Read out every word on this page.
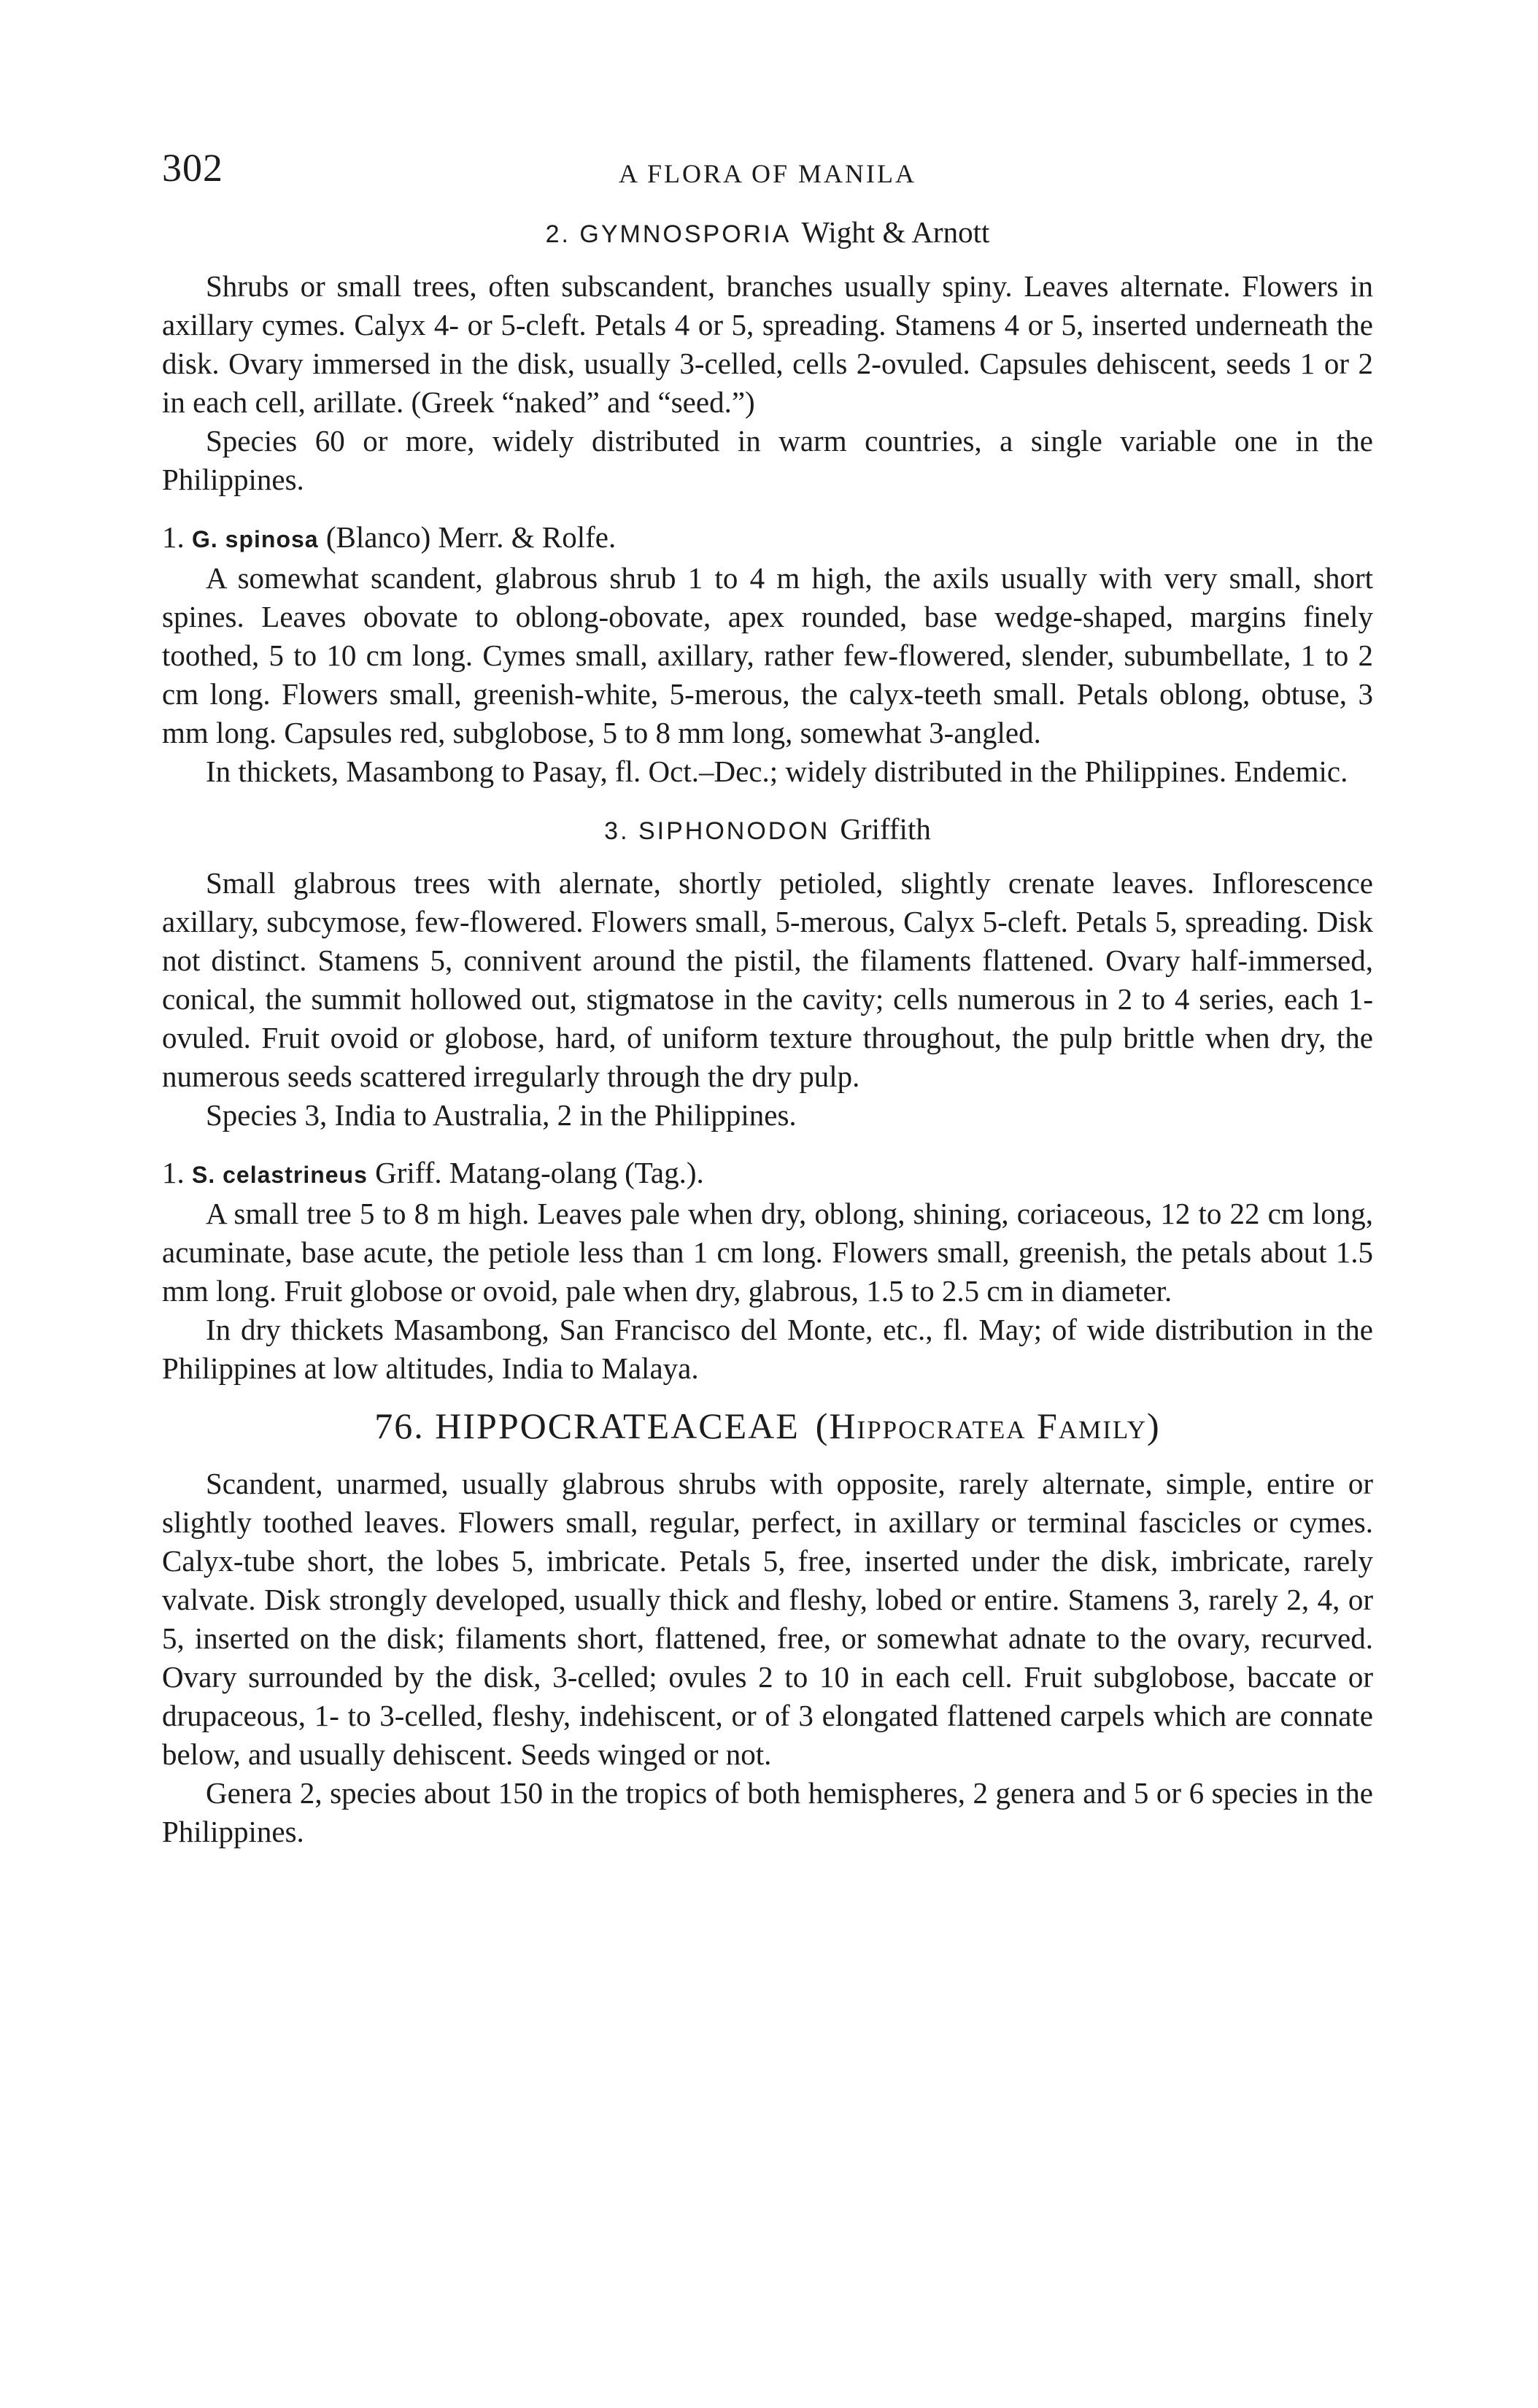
302	A FLORA OF MANILA
2. GYMNOSPORIA Wight & Arnott

Shrubs or small trees, often subscandent, branches usually spiny. Leaves alternate. Flowers in axillary cymes. Calyx 4- or 5-cleft. Petals 4 or 5, spreading. Stamens 4 or 5, inserted underneath the disk. Ovary immersed in the disk, usually 3-celled, cells 2-ovuled. Capsules dehiscent, seeds 1 or 2 in each cell, arillate. (Greek “naked” and “seed.”)

Species 60 or more, widely distributed in warm countries, a single variable one in the Philippines.

1. G. spinosa (Blanco) Merr. & Rolfe.

A somewhat scandent, glabrous shrub 1 to 4 m high, the axils usually with very small, short spines. Leaves obovate to oblong-obovate, apex rounded, base wedge-shaped, margins finely toothed, 5 to 10 cm long. Cymes small, axillary, rather few-flowered, slender, subumbellate, 1 to 2 cm long. Flowers small, greenish-white, 5-merous, the calyx-teeth small. Petals oblong, obtuse, 3 mm long. Capsules red, subglobose, 5 to 8 mm long, somewhat 3-angled.

In thickets, Masambong to Pasay, fl. Oct.–Dec.; widely distributed in the Philippines. Endemic.

3. SIPHONODON Griffith

Small glabrous trees with alernate, shortly petioled, slightly crenate leaves. Inflorescence axillary, subcymose, few-flowered. Flowers small, 5-merous, Calyx 5-cleft. Petals 5, spreading. Disk not distinct. Stamens 5, connivent around the pistil, the filaments flattened. Ovary half-immersed, conical, the summit hollowed out, stigmatose in the cavity; cells numerous in 2 to 4 series, each 1-ovuled. Fruit ovoid or globose, hard, of uniform texture throughout, the pulp brittle when dry, the numerous seeds scattered irregularly through the dry pulp.

Species 3, India to Australia, 2 in the Philippines.

1. S. celastrineus Griff. Matang-olang (Tag.).

A small tree 5 to 8 m high. Leaves pale when dry, oblong, shining, coriaceous, 12 to 22 cm long, acuminate, base acute, the petiole less than 1 cm long. Flowers small, greenish, the petals about 1.5 mm long. Fruit globose or ovoid, pale when dry, glabrous, 1.5 to 2.5 cm in diameter.

In dry thickets Masambong, San Francisco del Monte, etc., fl. May; of wide distribution in the Philippines at low altitudes, India to Malaya.

76. HIPPOCRATEACEAE (Hippocratea Family)

Scandent, unarmed, usually glabrous shrubs with opposite, rarely alternate, simple, entire or slightly toothed leaves. Flowers small, regular, perfect, in axillary or terminal fascicles or cymes. Calyx-tube short, the lobes 5, imbricate. Petals 5, free, inserted under the disk, imbricate, rarely valvate. Disk strongly developed, usually thick and fleshy, lobed or entire. Stamens 3, rarely 2, 4, or 5, inserted on the disk; filaments short, flattened, free, or somewhat adnate to the ovary, recurved. Ovary surrounded by the disk, 3-celled; ovules 2 to 10 in each cell. Fruit subglobose, baccate or drupaceous, 1- to 3-celled, fleshy, indehiscent, or of 3 elongated flattened carpels which are connate below, and usually dehiscent. Seeds winged or not.

Genera 2, species about 150 in the tropics of both hemispheres, 2 genera and 5 or 6 species in the Philippines.
